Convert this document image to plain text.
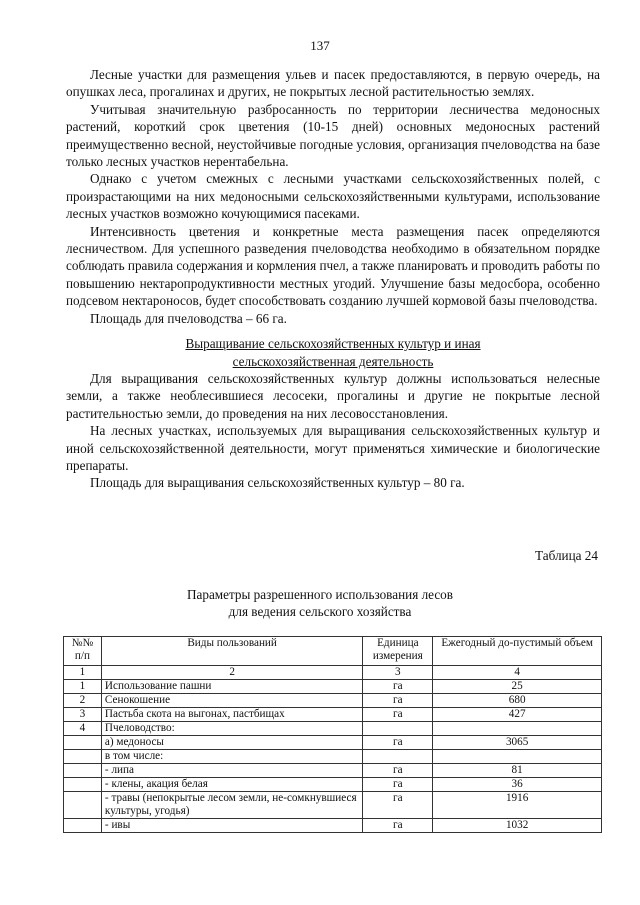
137

Лесные участки для размещения ульев и пасек предоставляются, в первую очередь, на опушках леса, прогалинах и других, не покрытых лесной растительностью землях.

Учитывая значительную разбросанность по территории лесничества медоносных растений, короткий срок цветения (10-15 дней) основных медоносных растений преимущественно весной, неустойчивые погодные условия, организация пчеловодства на базе только лесных участков нерентабельна.

Однако с учетом смежных с лесными участками сельскохозяйственных полей, с произрастающими на них медоносными сельскохозяйственными культурами, использование лесных участков возможно кочующимися пасеками.

Интенсивность цветения и конкретные места размещения пасек определяются лесничеством. Для успешного разведения пчеловодства необходимо в обязательном порядке соблюдать правила содержания и кормления пчел, а также планировать и проводить работы по повышению нектаропродуктивности местных угодий. Улучшение базы медосбора, особенно подсевом нектароносов, будет способствовать созданию лучшей кормовой базы пчеловодства.

Площадь для пчеловодства – 66 га.

Выращивание сельскохозяйственных культур и иная
сельскохозяйственная деятельность

Для выращивания сельскохозяйственных культур должны использоваться нелесные земли, а также необлесившиеся лесосеки, прогалины и другие не покрытые лесной растительностью земли, до проведения на них лесовосстановления.

На лесных участках, используемых для выращивания сельскохозяйственных культур и иной сельскохозяйственной деятельности, могут применяться химические и биологические препараты.

Площадь для выращивания сельскохозяйственных культур – 80 га.

Таблица 24
Параметры разрешенного использования лесов
для ведения сельского хозяйства
№№ п/п	Виды пользований	Единица измерения	Ежегодный до-пустимый объем
1	2	3	4
1	Использование пашни	га	25
2	Сенокошение	га	680
3	Пастьба скота на выгонах, пастбищах	га	427
4	Пчеловодство:		
	а) медоносы	га	3065
	в том числе:		
	- липа	га	81
	- клены, акация белая	га	36
	- травы (непокрытые лесом земли, не-сомкнувшиеся культуры, угодья)	га	1916
	- ивы	га	1032
